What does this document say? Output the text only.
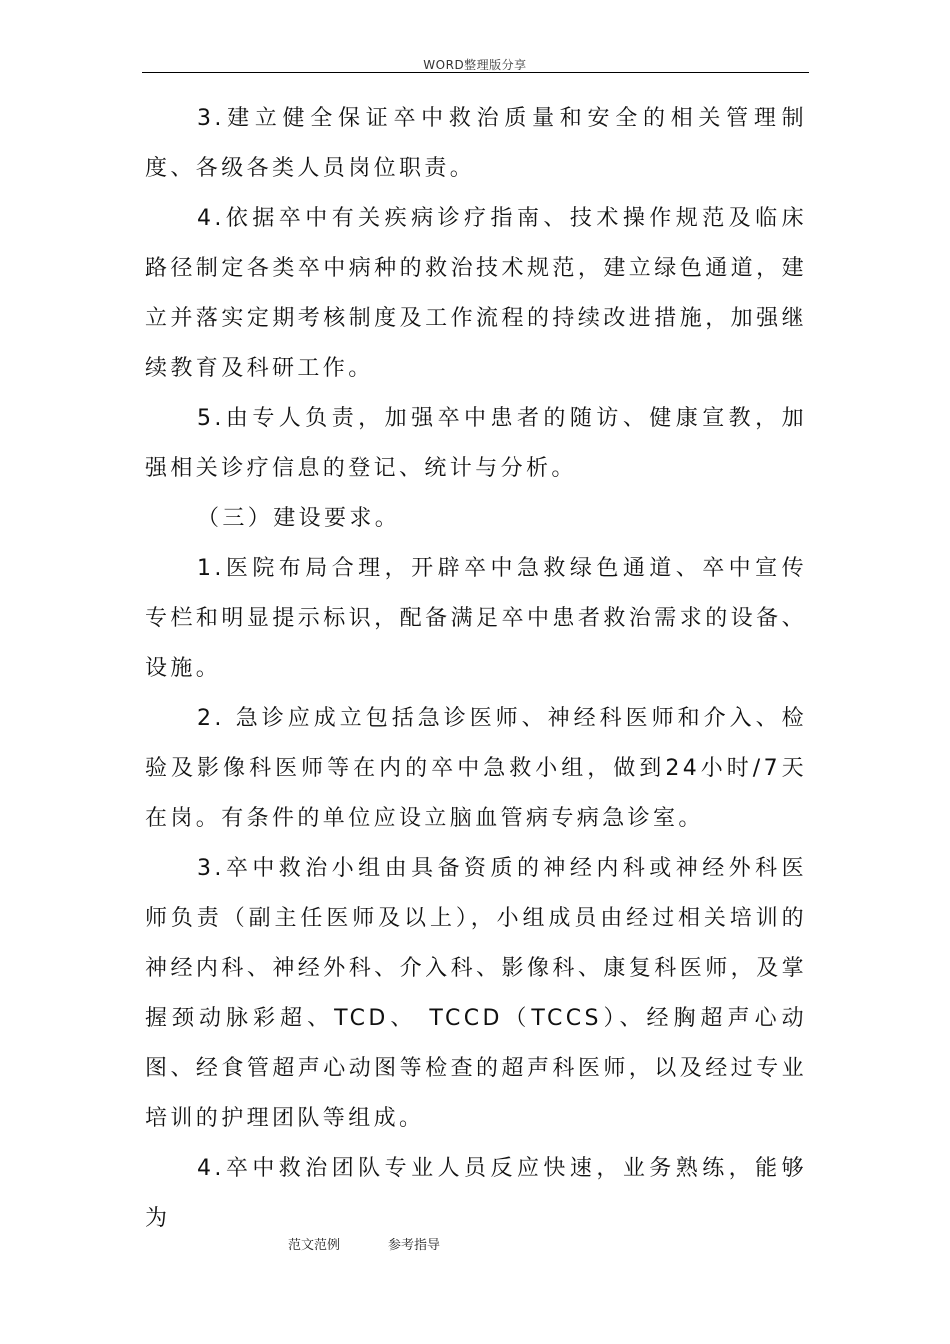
WORD整理版分享

3.建立健全保证卒中救治质量和安全的相关管理制度、各级各类人员岗位职责。

4.依据卒中有关疾病诊疗指南、技术操作规范及临床路径制定各类卒中病种的救治技术规范，建立绿色通道，建立并落实定期考核制度及工作流程的持续改进措施，加强继续教育及科研工作。

5.由专人负责，加强卒中患者的随访、健康宣教，加强相关诊疗信息的登记、统计与分析。

（三）建设要求。

1.医院布局合理，开辟卒中急救绿色通道、卒中宣传专栏和明显提示标识，配备满足卒中患者救治需求的设备、设施。

2. 急诊应成立包括急诊医师、神经科医师和介入、检验及影像科医师等在内的卒中急救小组，做到24小时/7天在岗。有条件的单位应设立脑血管病专病急诊室。

3.卒中救治小组由具备资质的神经内科或神经外科医师负责（副主任医师及以上），小组成员由经过相关培训的神经内科、神经外科、介入科、影像科、康复科医师，及掌握颈动脉彩超、TCD、 TCCD（TCCS）、经胸超声心动图、经食管超声心动图等检查的超声科医师，以及经过专业培训的护理团队等组成。

4.卒中救治团队专业人员反应快速，业务熟练，能够为

范文范例	参考指导
